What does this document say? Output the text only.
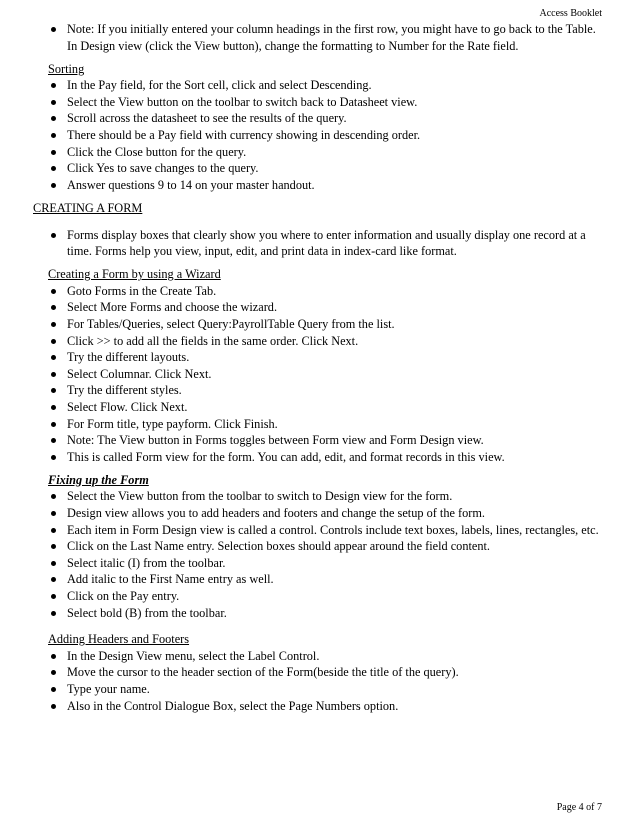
Access Booklet
Note: If you initially entered your column headings in the first row, you might have to go back to the Table. In Design view (click the View button), change the formatting to Number for the Rate field.
Sorting
In the Pay field, for the Sort cell, click and select Descending.
Select the View button on the toolbar to switch back to Datasheet view.
Scroll across the datasheet to see the results of the query.
There should be a Pay field with currency showing in descending order.
Click the Close button for the query.
Click Yes to save changes to the query.
Answer questions 9 to 14 on your master handout.
CREATING A FORM
Forms display boxes that clearly show you where to enter information and usually display one record at a time. Forms help you view, input, edit, and print data in index-card like format.
Creating a Form by using a Wizard
Goto Forms in the Create Tab.
Select More Forms and choose the wizard.
For Tables/Queries, select Query:PayrollTable Query from the list.
Click >> to add all the fields in the same order. Click Next.
Try the different layouts.
Select Columnar. Click Next.
Try the different styles.
Select Flow. Click Next.
For Form title, type payform. Click Finish.
Note: The View button in Forms toggles between Form view and Form Design view.
This is called Form view for the form. You can add, edit, and format records in this view.
Fixing up the Form
Select the View button from the toolbar to switch to Design view for the form.
Design view allows you to add headers and footers and change the setup of the form.
Each item in Form Design view is called a control. Controls include text boxes, labels, lines, rectangles, etc.
Click on the Last Name entry. Selection boxes should appear around the field content.
Select italic (I) from the toolbar.
Add italic to the First Name entry as well.
Click on the Pay entry.
Select bold (B) from the toolbar.
Adding Headers and Footers
In the Design View menu, select the Label Control.
Move the cursor to the header section of the Form(beside the title of the query).
Type your name.
Also in the Control Dialogue Box, select the Page Numbers option.
Page 4 of 7
